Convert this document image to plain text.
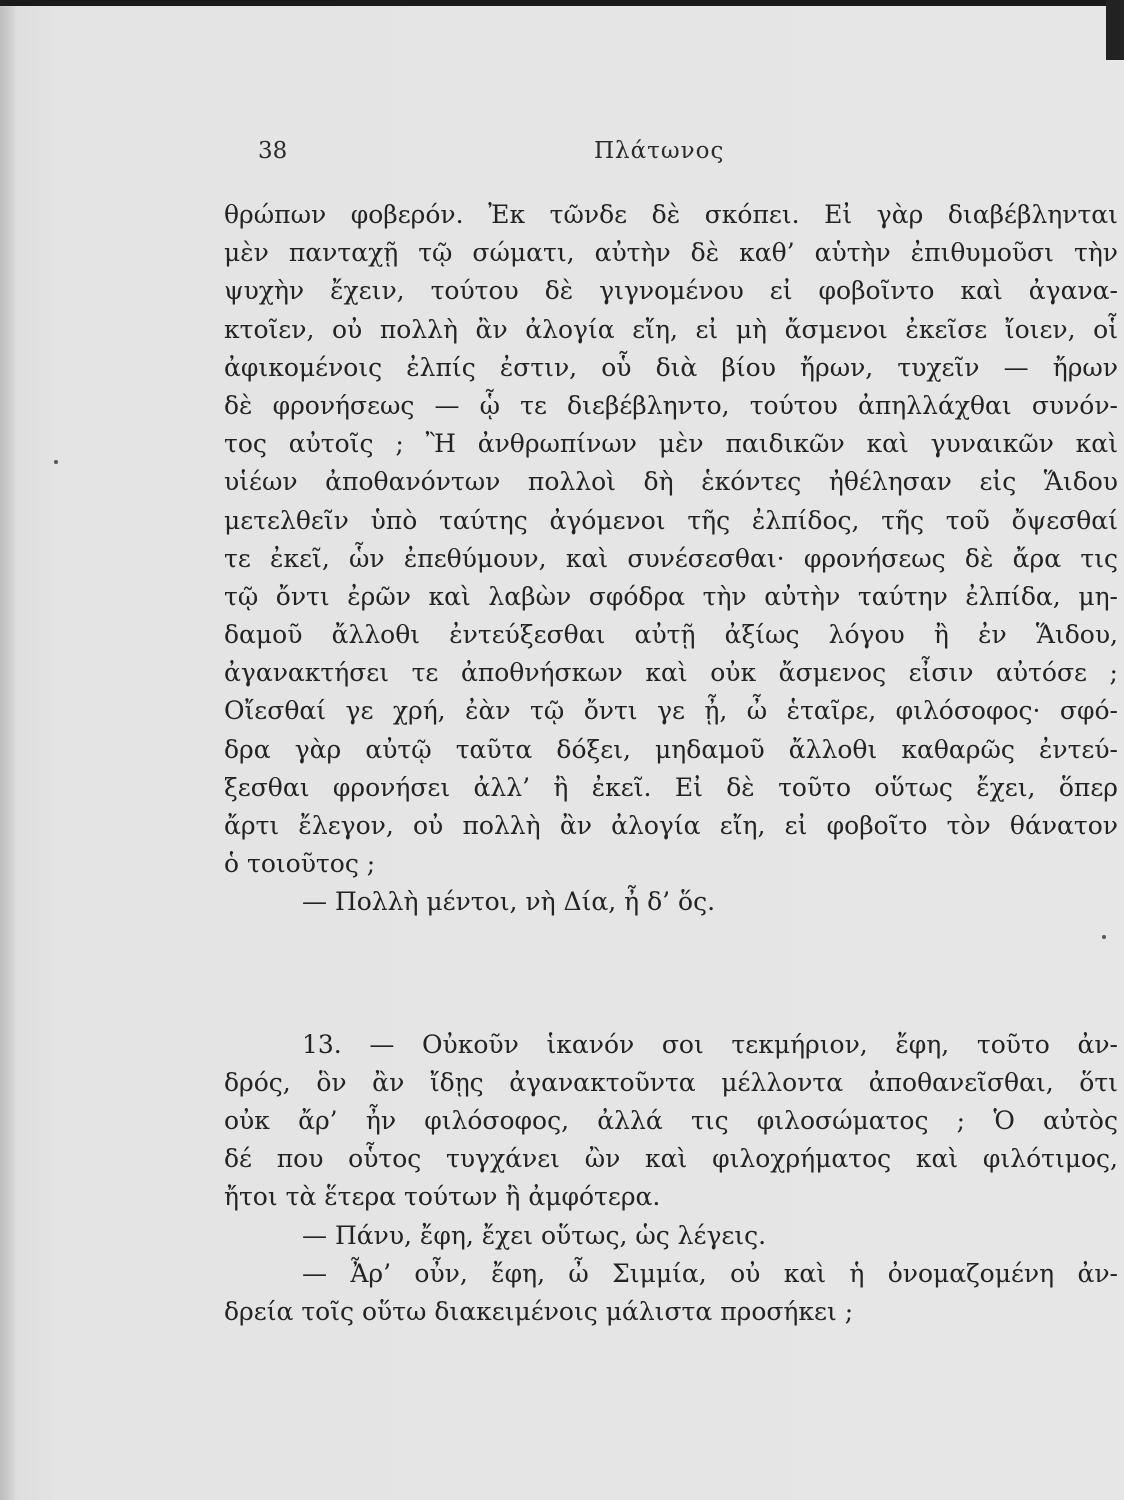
38	Πλάτωνος
θρώπων φοβερόν. Ἐκ τῶνδε δὲ σκόπει. Εἰ γὰρ διαβέβληνται
μὲν πανταχῇ τῷ σώματι, αὐτὴν δὲ καθ’ αὑτὴν ἐπιθυμοῦσι τὴν
ψυχὴν ἔχειν, τούτου δὲ γιγνομένου εἰ φοβοῖντο καὶ ἀγανα-
κτοῖεν, οὐ πολλὴ ἂν ἀλογία εἴη, εἰ μὴ ἄσμενοι ἐκεῖσε ἴοιεν, οἷ
ἀφικομένοις ἐλπίς ἐστιν, οὗ διὰ βίου ἤρων, τυχεῖν — ἤρων
δὲ φρονήσεως — ᾧ τε διεβέβληντο, τούτου ἀπηλλάχθαι συνόν-
τος αὐτοῖς ; Ἢ ἀνθρωπίνων μὲν παιδικῶν καὶ γυναικῶν καὶ
υἱέων ἀποθανόντων πολλοὶ δὴ ἑκόντες ἠθέλησαν εἰς Ἅιδου
μετελθεῖν ὑπὸ ταύτης ἀγόμενοι τῆς ἐλπίδος, τῆς τοῦ ὄψεσθαί
τε ἐκεῖ, ὧν ἐπεθύμουν, καὶ συνέσεσθαι· φρονήσεως δὲ ἄρα τις
τῷ ὄντι ἐρῶν καὶ λαβὼν σφόδρα τὴν αὐτὴν ταύτην ἐλπίδα, μη-
δαμοῦ ἄλλοθι ἐντεύξεσθαι αὐτῇ ἀξίως λόγου ἢ ἐν Ἅιδου,
ἀγανακτήσει τε ἀποθνήσκων καὶ οὐκ ἄσμενος εἶσιν αὐτόσε ;
Οἴεσθαί γε χρή, ἐὰν τῷ ὄντι γε ᾖ, ὦ ἑταῖρε, φιλόσοφος· σφό-
δρα γὰρ αὐτῷ ταῦτα δόξει, μηδαμοῦ ἄλλοθι καθαρῶς ἐντεύ-
ξεσθαι φρονήσει ἀλλ’ ἢ ἐκεῖ. Εἰ δὲ τοῦτο οὕτως ἔχει, ὅπερ
ἄρτι ἔλεγον, οὐ πολλὴ ἂν ἀλογία εἴη, εἰ φοβοῖτο τὸν θάνατον
ὁ τοιοῦτος ;
— Πολλὴ μέντοι, νὴ Δία, ἦ δ’ ὅς.
13. — Οὐκοῦν ἱκανόν σοι τεκμήριον, ἔφη, τοῦτο ἀν-
δρός, ὃν ἂν ἴδῃς ἀγανακτοῦντα μέλλοντα ἀποθανεῖσθαι, ὅτι
οὐκ ἄρ’ ἦν φιλόσοφος, ἀλλά τις φιλοσώματος ; Ὁ αὐτὸς
δέ που οὗτος τυγχάνει ὢν καὶ φιλοχρήματος καὶ φιλότιμος,
ἤτοι τὰ ἕτερα τούτων ἢ ἀμφότερα.
— Πάνυ, ἔφη, ἔχει οὕτως, ὡς λέγεις.
— Ἆρ’ οὖν, ἔφη, ὦ Σιμμία, οὐ καὶ ἡ ὀνομαζομένη ἀν-
δρεία τοῖς οὕτω διακειμένοις μάλιστα προσήκει ;
